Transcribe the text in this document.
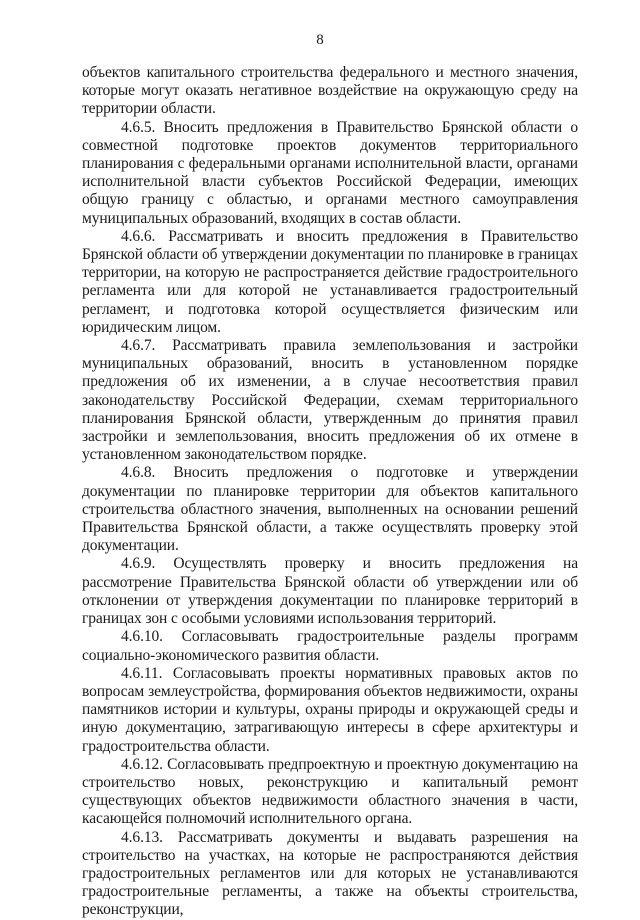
8

объектов капитального строительства федерального и местного значения, которые могут оказать негативное воздействие на окружающую среду на территории области.

4.6.5. Вносить предложения в Правительство Брянской области о совместной подготовке проектов документов территориального планирования с федеральными органами исполнительной власти, органами исполнительной власти субъектов Российской Федерации, имеющих общую границу с областью, и органами местного самоуправления муниципальных образований, входящих в состав области.

4.6.6. Рассматривать и вносить предложения в Правительство Брянской области об утверждении документации по планировке в границах территории, на которую не распространяется действие градостроительного регламента или для которой не устанавливается градостроительный регламент, и подготовка которой осуществляется физическим или юридическим лицом.

4.6.7. Рассматривать правила землепользования и застройки муниципальных образований, вносить в установленном порядке предложения об их изменении, а в случае несоответствия правил законодательству Российской Федерации, схемам территориального планирования Брянской области, утвержденным до принятия правил застройки и землепользования, вносить предложения об их отмене в установленном законодательством порядке.

4.6.8. Вносить предложения о подготовке и утверждении документации по планировке территории для объектов капитального строительства областного значения, выполненных на основании решений Правительства Брянской области, а также осуществлять проверку этой документации.

4.6.9. Осуществлять проверку и вносить предложения на рассмотрение Правительства Брянской области об утверждении или об отклонении от утверждения документации по планировке территорий в границах зон с особыми условиями использования территорий.

4.6.10. Согласовывать градостроительные разделы программ социально-экономического развития области.

4.6.11. Согласовывать проекты нормативных правовых актов по вопросам землеустройства, формирования объектов недвижимости, охраны памятников истории и культуры, охраны природы и окружающей среды и иную документацию, затрагивающую интересы в сфере архитектуры и градостроительства области.

4.6.12. Согласовывать предпроектную и проектную документацию на строительство новых, реконструкцию и капитальный ремонт существующих объектов недвижимости областного значения в части, касающейся полномочий исполнительного органа.

4.6.13. Рассматривать документы и выдавать разрешения на строительство на участках, на которые не распространяются действия градостроительных регламентов или для которых не устанавливаются градостроительные регламенты, а также на объекты строительства, реконструкции,
